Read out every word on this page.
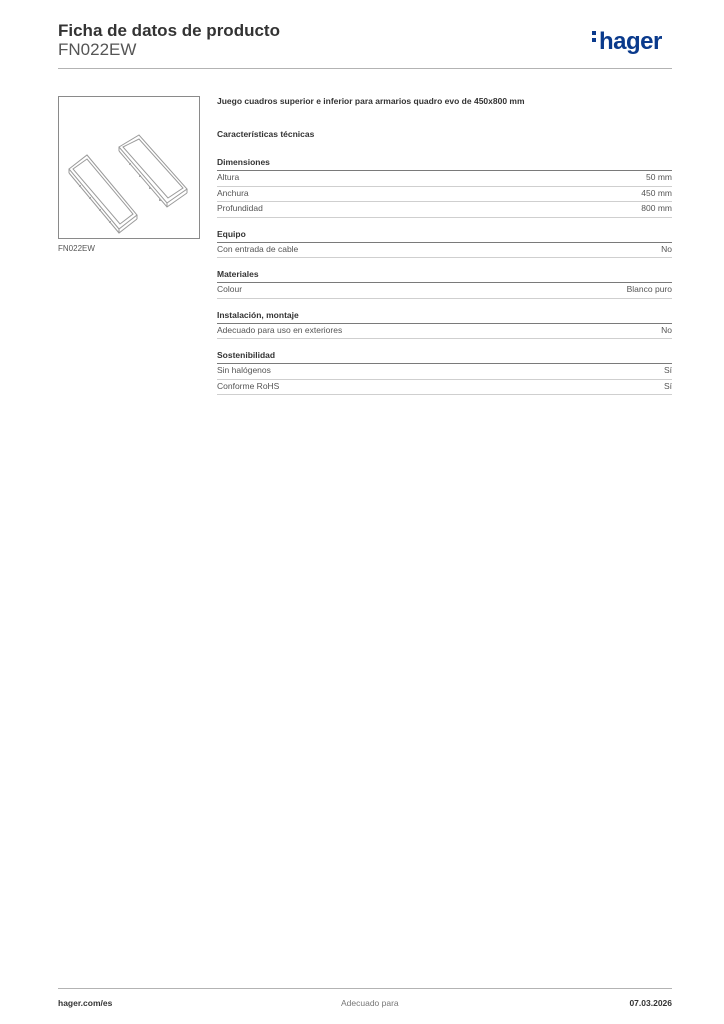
Ficha de datos de producto
FN022EW	hager
FN022EW
Juego cuadros superior e inferior para armarios quadro evo de 450x800 mm
Características técnicas
Dimensiones
Altura	50 mm
Anchura	450 mm
Profundidad	800 mm
Equipo
Con entrada de cable	No
Materiales
Colour	Blanco puro
Instalación, montaje
Adecuado para uso en exteriores	No
Sostenibilidad
Sin halógenos	Sí
Conforme RoHS	Sí
hager.com/es	Adecuado para	07.03.2026
